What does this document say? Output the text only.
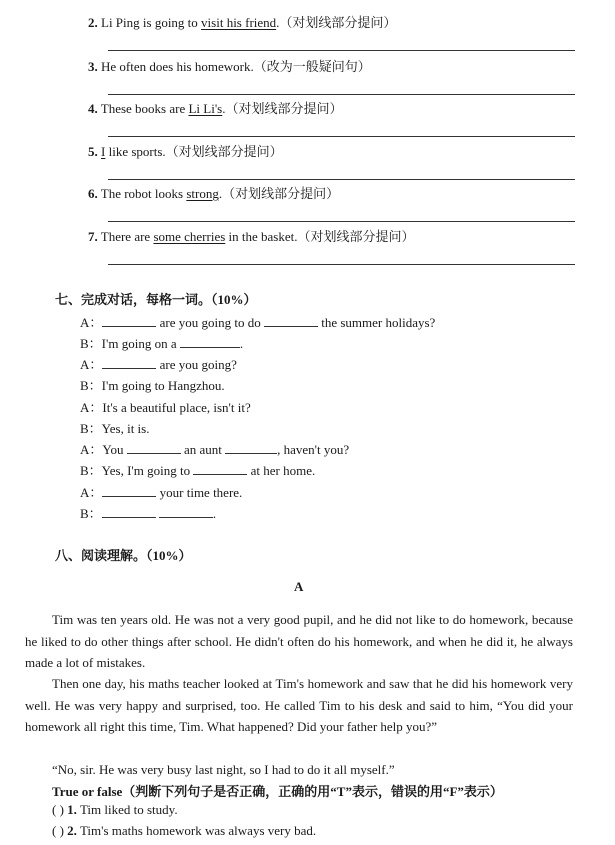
2. Li Ping is going to visit his friend.（对划线部分提问）
3. He often does his homework.（改为一般疑问句）
4. These books are Li Li's.（对划线部分提问）
5. I like sports.（对划线部分提问）
6. The robot looks strong.（对划线部分提问）
7. There are some cherries in the basket.（对划线部分提问）
七、完成对话，每格一词。（10%）
A：	are you going to do	the summer holidays?
B：I'm going on a	.
A：	are you going?
B：I'm going to Hangzhou.
A：It's a beautiful place, isn't it?
B：Yes, it is.
A：You	an aunt	, haven't you?
B：Yes, I'm going to	at her home.
A：	your time there.
B：	.
八、阅读理解。（10%）
A
Tim was ten years old. He was not a very good pupil, and he did not like to do homework, because he liked to do other things after school. He didn't often do his homework, and when he did it, he always made a lot of mistakes.
Then one day, his maths teacher looked at Tim's homework and saw that he did his homework very well. He was very happy and surprised, too. He called Tim to his desk and said to him, “You did your homework all right this time, Tim. What happened? Did your father help you?”
“No, sir. He was very busy last night, so I had to do it all myself.”
True or false（判断下列句子是否正确，正确的用“T”表示，错误的用“F”表示）
( ) 1. Tim liked to study.
( ) 2. Tim's maths homework was always very bad.
